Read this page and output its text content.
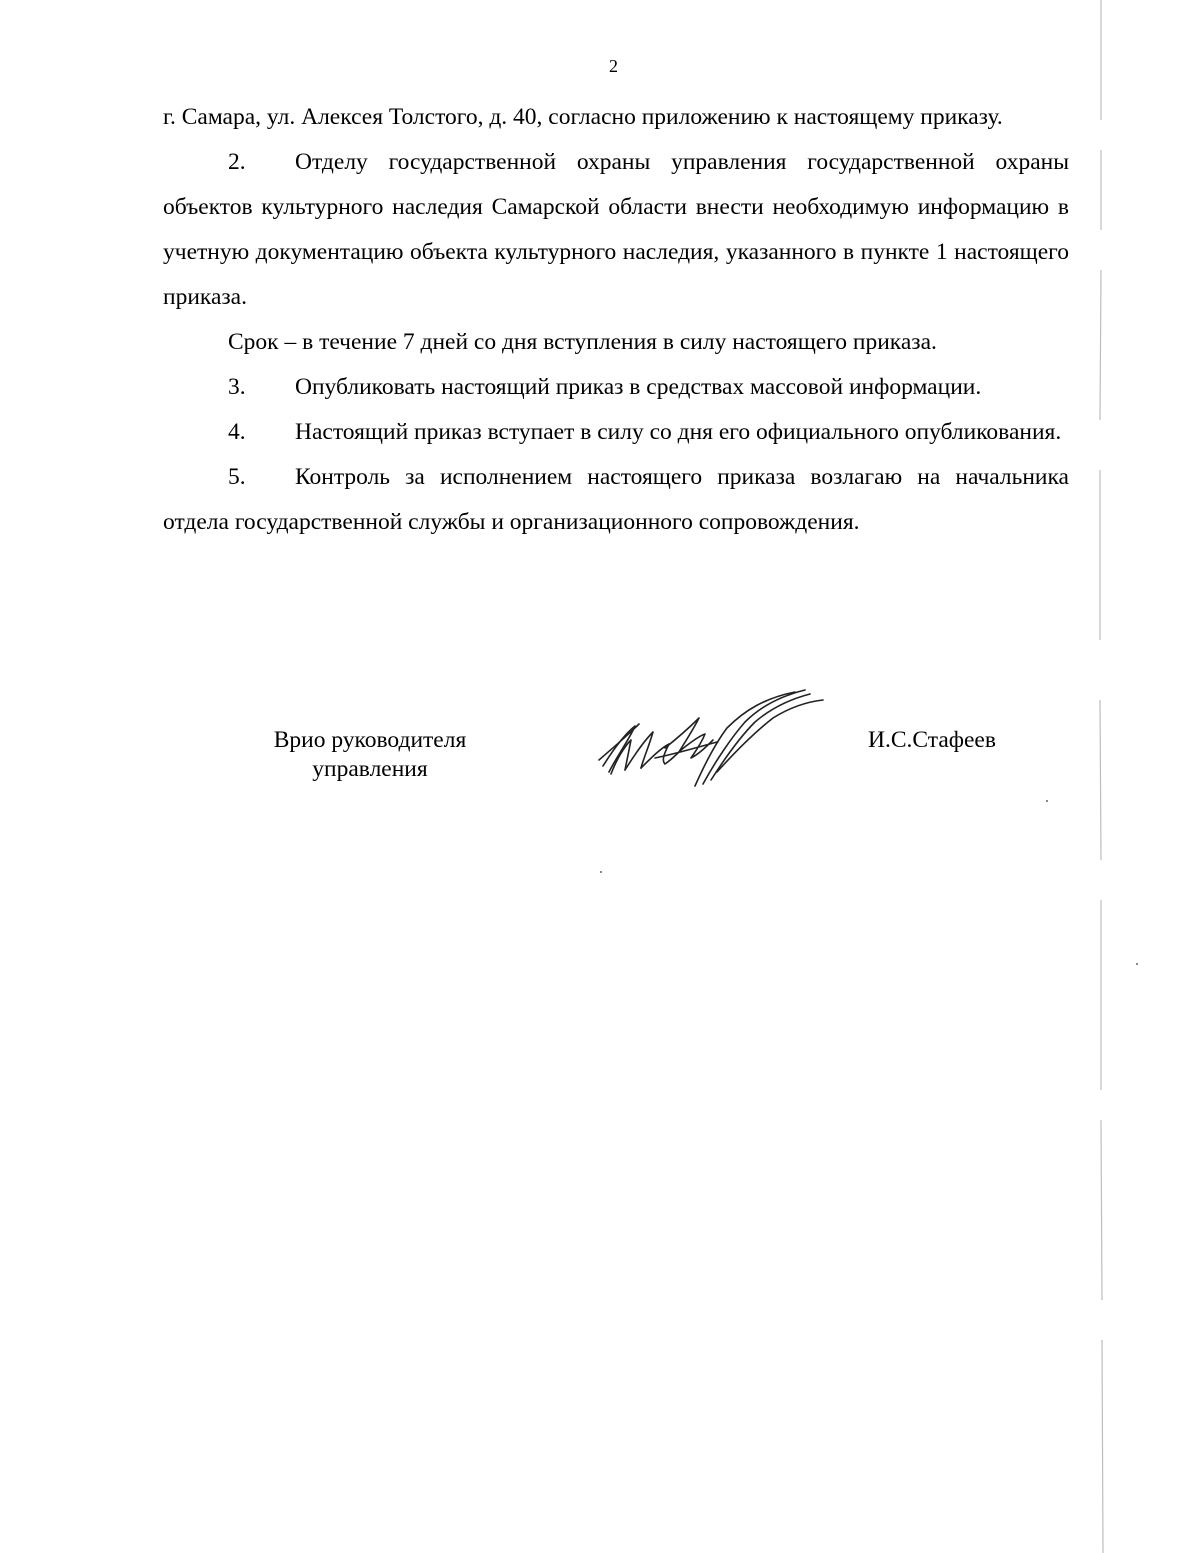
2

г. Самара, ул. Алексея Толстого, д. 40, согласно приложению к настоящему приказу.

2. Отделу государственной охраны управления государственной охраны объектов культурного наследия Самарской области внести необходимую информацию в учетную документацию объекта культурного наследия, указанного в пункте 1 настоящего приказа.

Срок – в течение 7 дней со дня вступления в силу настоящего приказа.

3. Опубликовать настоящий приказ в средствах массовой информации.

4. Настоящий приказ вступает в силу со дня его официального опубликования.

5. Контроль за исполнением настоящего приказа возлагаю на начальника отдела государственной службы и организационного сопровождения.

Врио руководителя
управления
И.С.Стафеев
